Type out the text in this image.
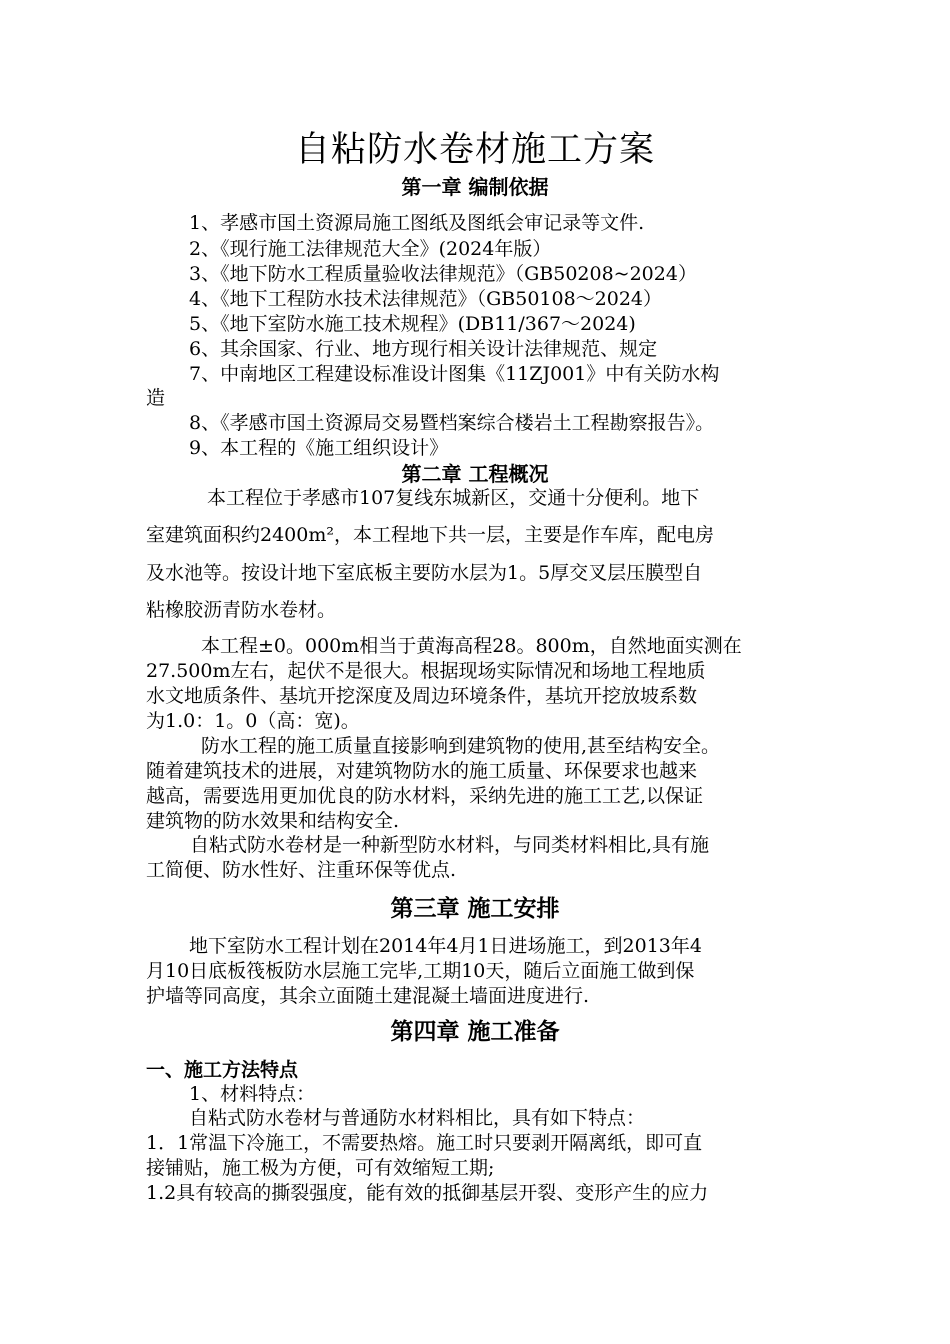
自粘防水卷材施工方案
第一章 编制依据
1、孝感市国土资源局施工图纸及图纸会审记录等文件.
2、《现行施工法律规范大全》(2024年版）
3、《地下防水工程质量验收法律规范》（GB50208~2024）
4、《地下工程防水技术法律规范》（GB50108～2024）
5、《地下室防水施工技术规程》(DB11/367～2024)
6、其余国家、行业、地方现行相关设计法律规范、规定
7、中南地区工程建设标准设计图集《11ZJ001》中有关防水构
造
8、《孝感市国土资源局交易暨档案综合楼岩土工程勘察报告》。
9、本工程的《施工组织设计》
第二章 工程概况
本工程位于孝感市107复线东城新区，交通十分便利。地下
室建筑面积约2400m²，本工程地下共一层，主要是作车库，配电房
及水池等。按设计地下室底板主要防水层为1。5厚交叉层压膜型自
粘橡胶沥青防水卷材。
本工程±0。000m相当于黄海高程28。800m，自然地面实测在
27.500m左右，起伏不是很大。根据现场实际情况和场地工程地质
水文地质条件、基坑开挖深度及周边环境条件，基坑开挖放坡系数
为1.0：1。0（高：宽)。
防水工程的施工质量直接影响到建筑物的使用,甚至结构安全。
随着建筑技术的进展，对建筑物防水的施工质量、环保要求也越来
越高，需要选用更加优良的防水材料，采纳先进的施工工艺,以保证
建筑物的防水效果和结构安全.
自粘式防水卷材是一种新型防水材料，与同类材料相比,具有施
工简便、防水性好、注重环保等优点.
第三章 施工安排
地下室防水工程计划在2014年4月1日进场施工，到2013年4
月10日底板筏板防水层施工完毕,工期10天，随后立面施工做到保
护墙等同高度，其余立面随土建混凝土墙面进度进行.
第四章 施工准备
一、施工方法特点
1、材料特点：
自粘式防水卷材与普通防水材料相比，具有如下特点：
1．1常温下冷施工，不需要热熔。施工时只要剥开隔离纸，即可直
接铺贴，施工极为方便，可有效缩短工期;
1.2具有较高的撕裂强度，能有效的抵御基层开裂、变形产生的应力
